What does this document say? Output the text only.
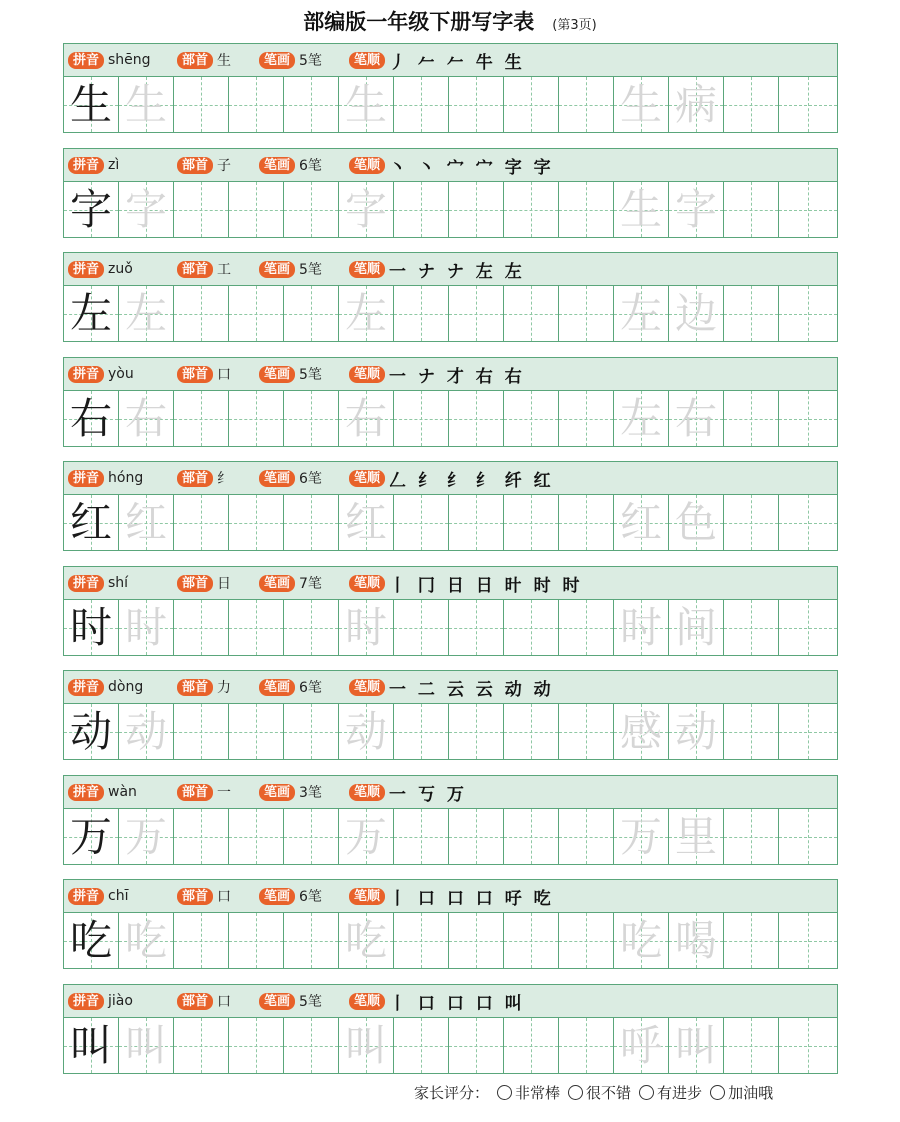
部编版一年级下册写字表 (第3页)
拼音 shēng	部首 生	笔画 5笔	笔顺 丿 𠂉 𠂉 牛 生
生 生	生	生 病
拼音 zì	部首 子	笔画 6笔	笔顺 丶 丶 宀 宀 字 字
字 字	字	生 字
拼音 zuǒ	部首 工	笔画 5笔	笔顺 一 ナ ナ 左 左
左 左	左	左 边
拼音 yòu	部首 口	笔画 5笔	笔顺 一 ナ 才 右 右
右 右	右	左 右
拼音 hóng	部首 纟	笔画 6笔	笔顺 𠃋 纟 纟 纟 纤 红
红 红	红	红 色
拼音 shí	部首 日	笔画 7笔	笔顺 丨 冂 日 日 旪 时 时
时 时	时	时 间
拼音 dòng	部首 力	笔画 6笔	笔顺 一 二 云 云 动 动
动 动	动	感 动
拼音 wàn	部首 一	笔画 3笔	笔顺 一 丂 万
万 万	万	万 里
拼音 chī	部首 口	笔画 6笔	笔顺 丨 口 口 口 吇 吃
吃 吃	吃	吃 喝
拼音 jiào	部首 口	笔画 5笔	笔顺 丨 口 口 口 叫
叫 叫	叫	呼 叫
家长评分： 非常棒 很不错 有进步 加油哦
